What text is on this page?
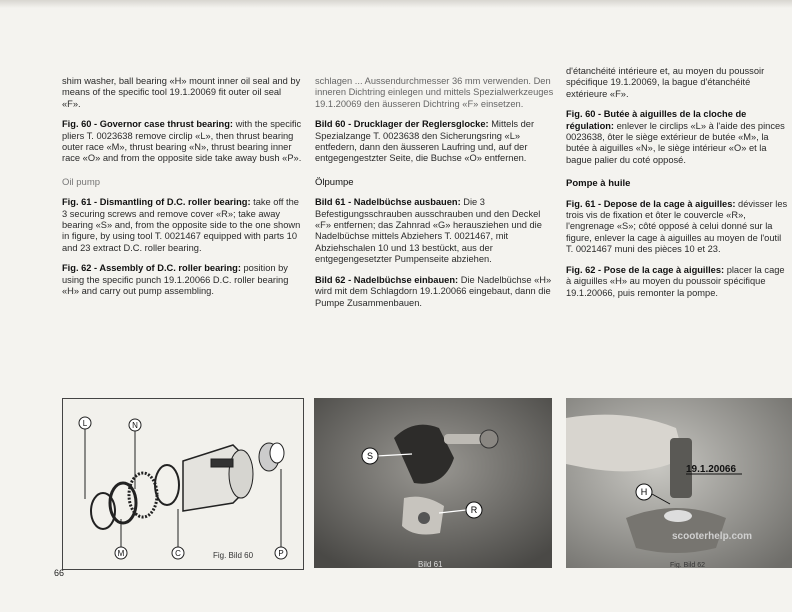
shim washer, ball bearing «H» mount inner oil seal and by means of the specific tool 19.1.20069 fit outer oil seal «F».

Fig. 60 - Governor case thrust bearing: with the specific pliers T. 0023638 remove circlip «L», then thrust bearing outer race «M», thrust bearing «N», thrust bearing inner race «O» and from the opposite side take away bush «P».

Oil pump

Fig. 61 - Dismantling of D.C. roller bearing: take off the 3 securing screws and remove cover «R»; take away bearing «S» and, from the opposite side to the one shown in figure, by using tool T. 0021467 equipped with parts 10 and 23 extract D.C. roller bearing.

Fig. 62 - Assembly of D.C. roller bearing: position by using the specific punch 19.1.20066 D.C. roller bearing «H» and carry out pump assembling.

schlagen ... Aussendurchmesser 36 mm verwenden. Den inneren Dichtring einlegen und mittels Spezialwerkzeuges 19.1.20069 den äusseren Dichtring «F» einsetzen.

Bild 60 - Drucklager der Reglersglocke: Mittels der Spezialzange T. 0023638 den Sicherungsring «L» entfedern, dann den äusseren Laufring und, auf der entgegengestzter Seite, die Buchse «O» entfernen.

Ölpumpe

Bild 61 - Nadelbüchse ausbauen: Die 3 Befestigungsschrauben ausschrauben und den Deckel «F» entfernen; das Zahnrad «G» herausziehen und die Nadelbüchse mittels Abziehers T. 0021467, mit Abziehschalen 10 und 13 bestückt, aus der entgegengesetzter Pumpenseite abziehen.

Bild 62 - Nadelbüchse einbauen: Die Nadelbüchse «H» wird mit dem Schlagdorn 19.1.20066 eingebaut, dann die Pumpe Zusammenbauen.

d'étanchéité intérieure et, au moyen du poussoir spécifique 19.1.20069, la bague d'étanchéité extérieure «F».

Fig. 60 - Butée à aiguilles de la cloche de régulation: enlever le circlips «L» à l'aide des pinces 0023638, ôter le siège extérieur de butée «M», la butée à aiguilles «N», le siège intérieur «O» et la bague palier du coté opposé.

Pompe à huile

Fig. 61 - Depose de la cage à aiguilles: dévisser les trois vis de fixation et ôter le couvercle «R», l'engrenage «S»; côté opposé à celui donné sur la figure, enlever la cage à aiguilles au moyen de l'outil T. 0021467 muni des pièces 10 et 23.

Fig. 62 - Pose de la cage à aiguilles: placer la cage à aiguilles «H» au moyen du poussoir spécifique 19.1.20066, puis remonter la pompe.

L	N
M	C	P
Fig. Bild 60
S
R
Bild 61
H
Fig. Bild 62
19.1.20066
scooterhelp.com
66
